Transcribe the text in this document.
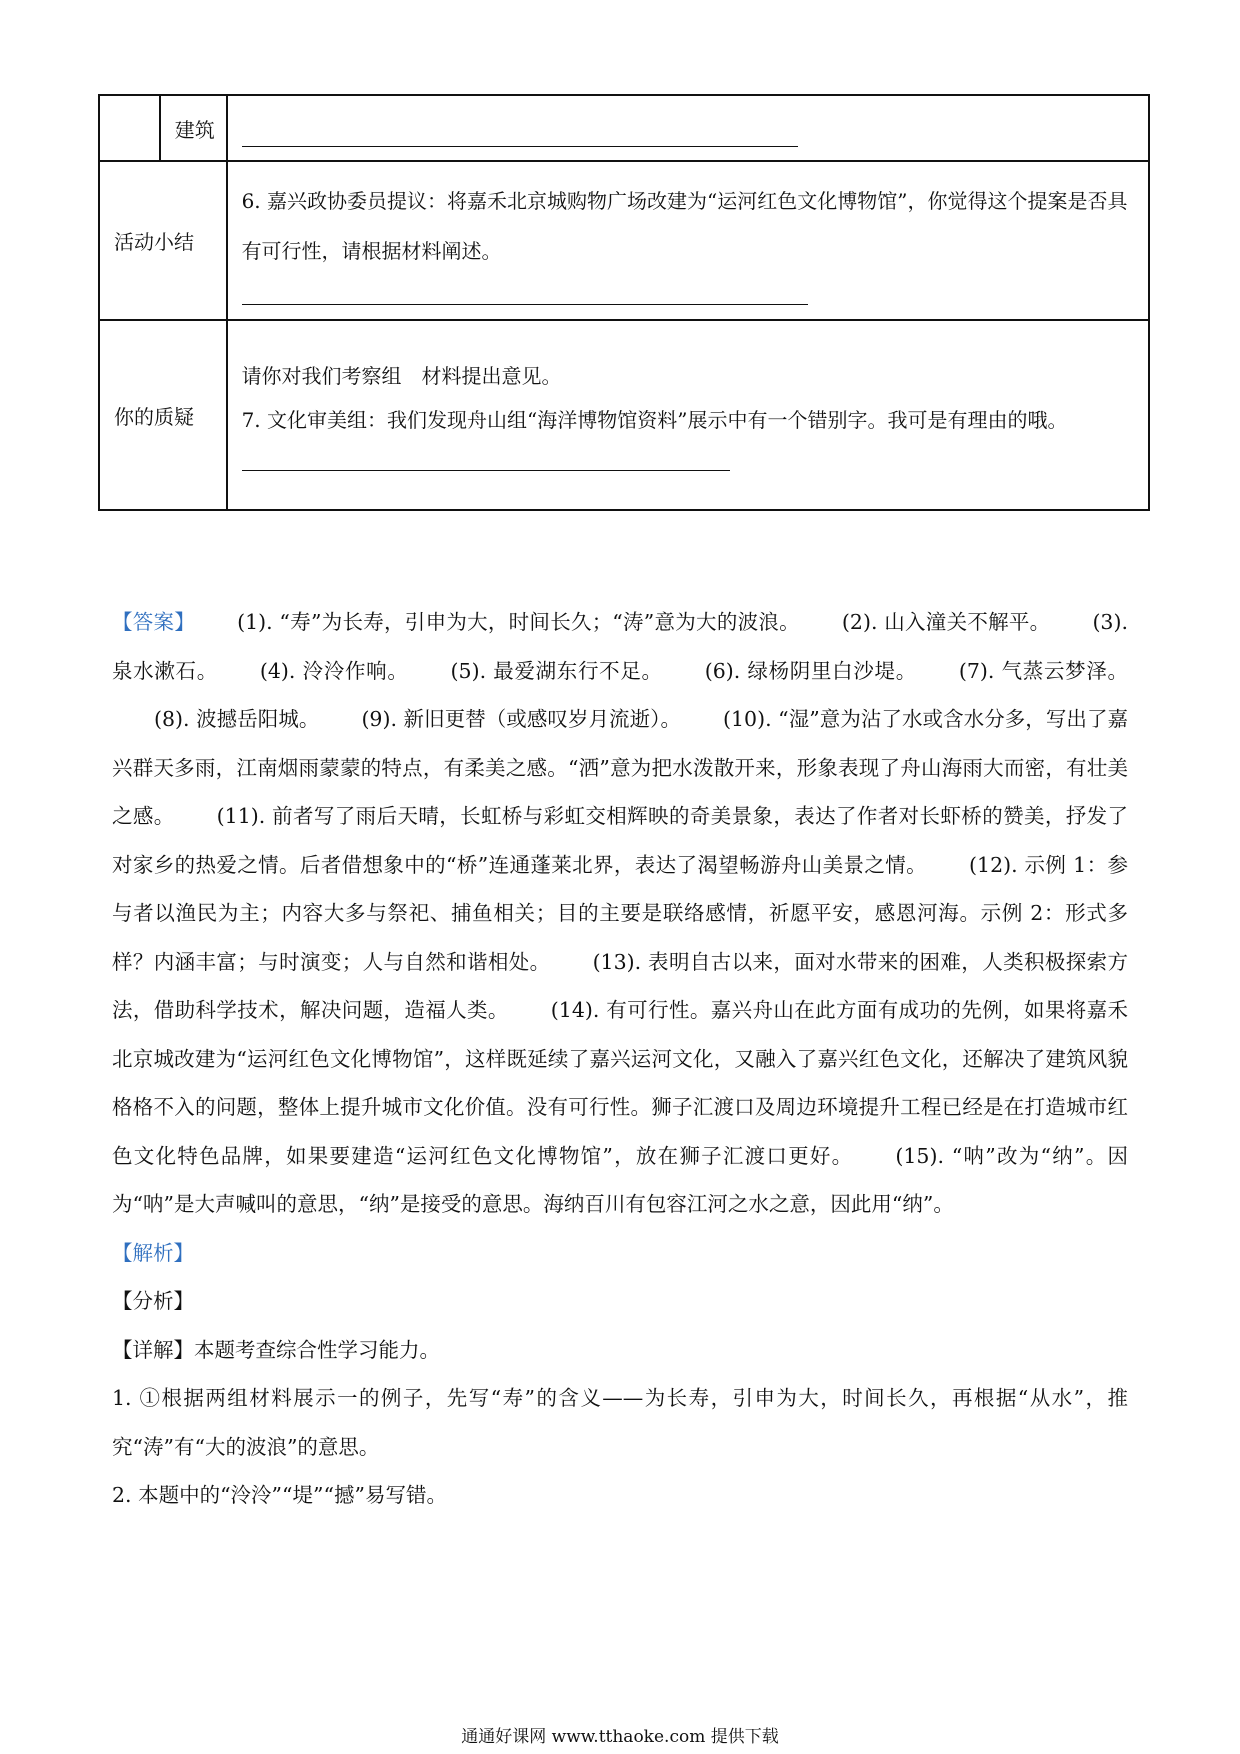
	建筑	

活动小结		6. 嘉兴政协委员提议：将嘉禾北京城购物广场改建为“运河红色文化博物馆”，你觉得这个提案是否具有可行性，请根据材料阐述。

你的质疑		请你对我们考察组　材料提出意见。
7. 文化审美组：我们发现舟山组“海洋博物馆资料”展示中有一个错别字。我可是有理由的哦。

【答案】 (1). “寿”为长寿，引申为大，时间长久；“涛”意为大的波浪。 (2). 山入潼关不解平。 (3). 泉水漱石。 (4). 泠泠作响。 (5). 最爱湖东行不足。 (6). 绿杨阴里白沙堤。 (7). 气蒸云梦泽。(8). 波撼岳阳城。 (9). 新旧更替（或感叹岁月流逝）。 (10). “湿”意为沾了水或含水分多，写出了嘉兴群天多雨，江南烟雨蒙蒙的特点，有柔美之感。“洒”意为把水泼散开来，形象表现了舟山海雨大而密，有壮美之感。 (11). 前者写了雨后天晴，长虹桥与彩虹交相辉映的奇美景象，表达了作者对长虾桥的赞美，抒发了对家乡的热爱之情。后者借想象中的“桥”连通蓬莱北界，表达了渴望畅游舟山美景之情。 (12). 示例 1：参与者以渔民为主；内容大多与祭祀、捕鱼相关；目的主要是联络感情，祈愿平安，感恩河海。示例 2：形式多样？内涵丰富；与时演变；人与自然和谐相处。 (13). 表明自古以来，面对水带来的困难，人类积极探索方法，借助科学技术，解决问题，造福人类。 (14). 有可行性。嘉兴舟山在此方面有成功的先例，如果将嘉禾北京城改建为“运河红色文化博物馆”，这样既延续了嘉兴运河文化，又融入了嘉兴红色文化，还解决了建筑风貌格格不入的问题，整体上提升城市文化价值。没有可行性。狮子汇渡口及周边环境提升工程已经是在打造城市红色文化特色品牌，如果要建造“运河红色文化博物馆”，放在狮子汇渡口更好。 (15). “呐”改为“纳”。因为“呐”是大声喊叫的意思，“纳”是接受的意思。海纳百川有包容江河之水之意，因此用“纳”。

【解析】

【分析】

【详解】本题考查综合性学习能力。

1. ①根据两组材料展示一的例子，先写“寿”的含义——为长寿，引申为大，时间长久，再根据“从水”，推究“涛”有“大的波浪”的意思。

2. 本题中的“泠泠”“堤”“撼”易写错。

通通好课网 www.tthaoke.com 提供下载
